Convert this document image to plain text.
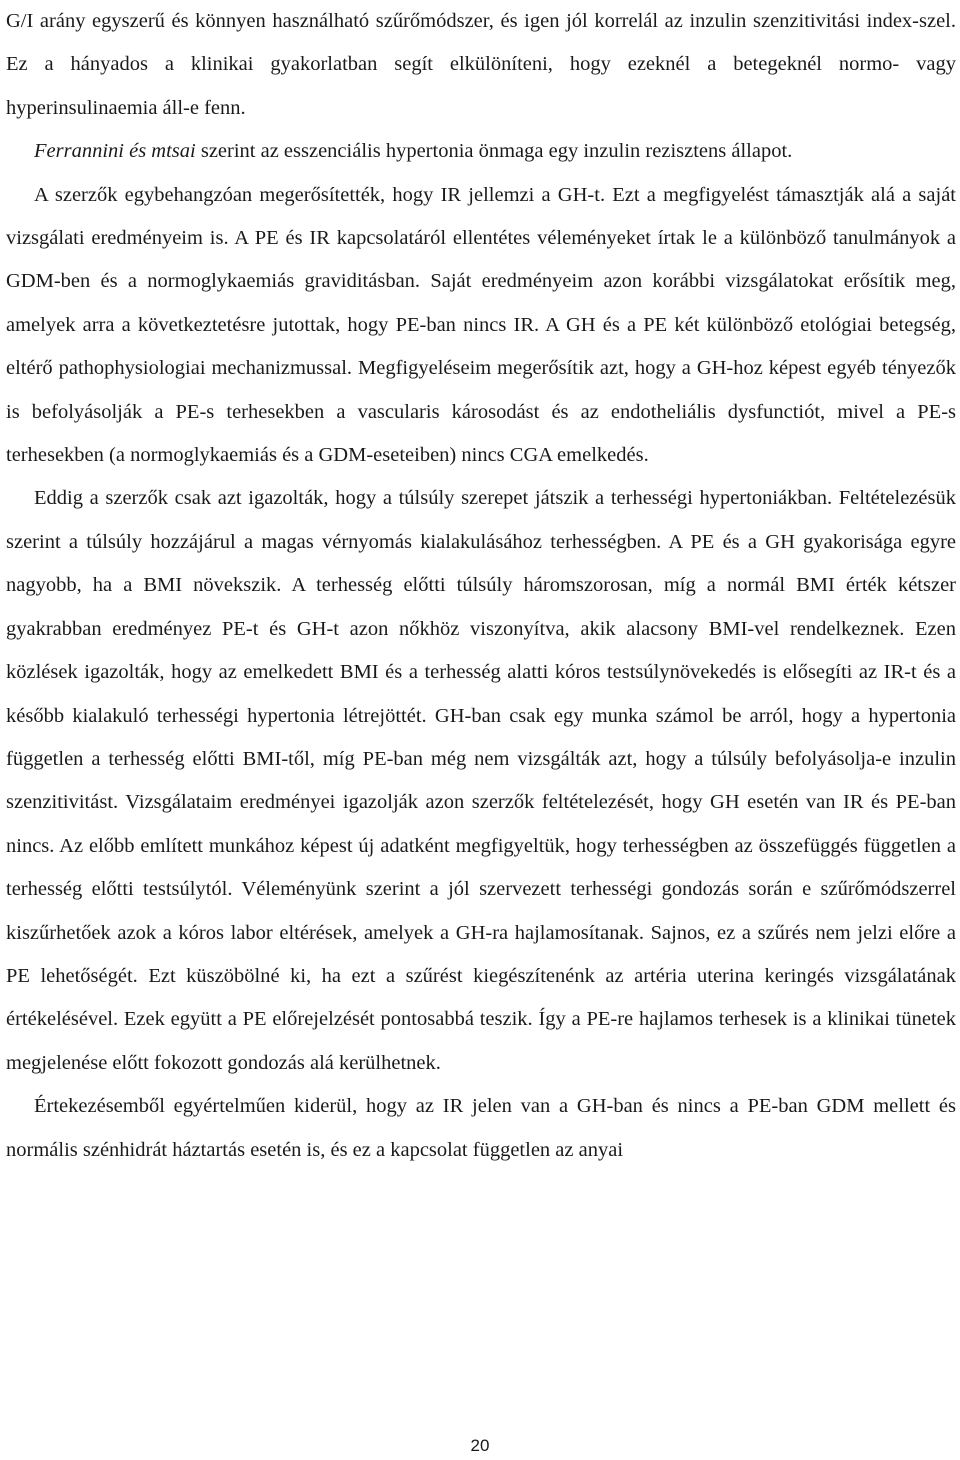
G/I arány egyszerű és könnyen használható szűrőmódszer, és igen jól korrelál az inzulin szenzitivitási index-szel. Ez a hányados a klinikai gyakorlatban segít elkülöníteni, hogy ezeknél a betegeknél normo- vagy hyperinsulinaemia áll-e fenn.

Ferrannini és mtsai szerint az esszenciális hypertonia önmaga egy inzulin rezisztens állapot.

A szerzők egybehangzóan megerősítették, hogy IR jellemzi a GH-t. Ezt a megfigyelést támasztják alá a saját vizsgálati eredményeim is. A PE és IR kapcsolatáról ellentétes véleményeket írtak le a különböző tanulmányok a GDM-ben és a normoglykaemiás graviditásban. Saját eredményeim azon korábbi vizsgálatokat erősítik meg, amelyek arra a következtetésre jutottak, hogy PE-ban nincs IR. A GH és a PE két különböző etológiai betegség, eltérő pathophysiologiai mechanizmussal. Megfigyeléseim megerősítik azt, hogy a GH-hoz képest egyéb tényezők is befolyásolják a PE-s terhesekben a vascularis károsodást és az endotheliális dysfunctiót, mivel a PE-s terhesekben (a normoglykaemiás és a GDM-eseteiben) nincs CGA emelkedés.

Eddig a szerzők csak azt igazolták, hogy a túlsúly szerepet játszik a terhességi hypertoniákban. Feltételezésük szerint a túlsúly hozzájárul a magas vérnyomás kialakulásához terhességben. A PE és a GH gyakorisága egyre nagyobb, ha a BMI növekszik. A terhesség előtti túlsúly háromszorosan, míg a normál BMI érték kétszer gyakrabban eredményez PE-t és GH-t azon nőkhöz viszonyítva, akik alacsony BMI-vel rendelkeznek. Ezen közlések igazolták, hogy az emelkedett BMI és a terhesség alatti kóros testsúlynövekedés is elősegíti az IR-t és a később kialakuló terhességi hypertonia létrejöttét. GH-ban csak egy munka számol be arról, hogy a hypertonia független a terhesség előtti BMI-től, míg PE-ban még nem vizsgálták azt, hogy a túlsúly befolyásolja-e inzulin szenzitivitást. Vizsgálataim eredményei igazolják azon szerzők feltételezését, hogy GH esetén van IR és PE-ban nincs. Az előbb említett munkához képest új adatként megfigyeltük, hogy terhességben az összefüggés független a terhesség előtti testsúlytól. Véleményünk szerint a jól szervezett terhességi gondozás során e szűrőmódszerrel kiszűrhetőek azok a kóros labor eltérések, amelyek a GH-ra hajlamosítanak. Sajnos, ez a szűrés nem jelzi előre a PE lehetőségét. Ezt küszöbölné ki, ha ezt a szűrést kiegészítenénk az artéria uterina keringés vizsgálatának értékelésével. Ezek együtt a PE előrejelzését pontosabbá teszik. Így a PE-re hajlamos terhesek is a klinikai tünetek megjelenése előtt fokozott gondozás alá kerülhetnek.

Értekezésemből egyértelműen kiderül, hogy az IR jelen van a GH-ban és nincs a PE-ban GDM mellett és normális szénhidrát háztartás esetén is, és ez a kapcsolat független az anyai

20
